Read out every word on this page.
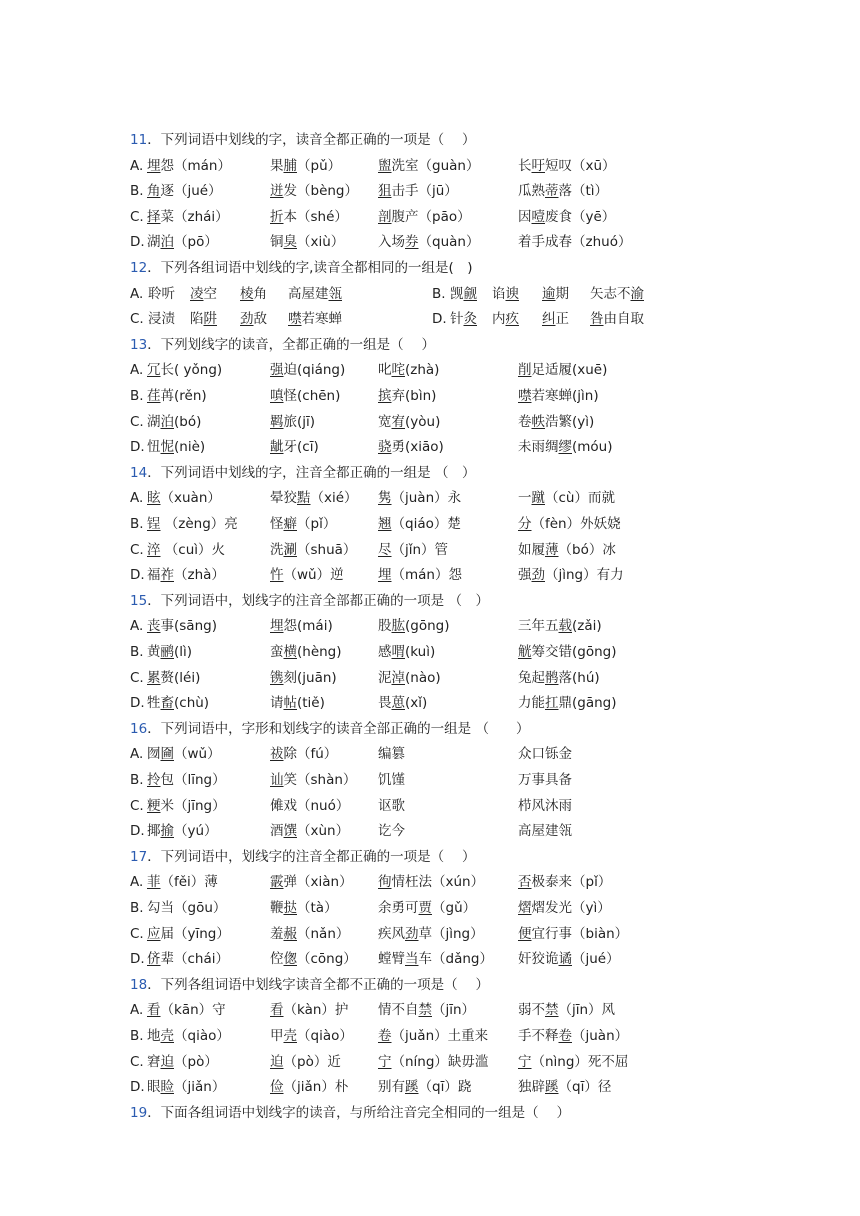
11．下列词语中划线的字，读音全都正确的一项是（　 ）
A. 埋怨（mán）	果脯（pǔ）	盥洗室（guàn）	长吁短叹（xū）
B. 角逐（jué）	迸发（bèng） 狙击手（jū）	瓜熟蒂落（tì）
C. 择菜（zhái）	折本（shé） 剖腹产（pāo）	因噎废食（yē）
D. 湖泊（pō）	铜臭（xiù） 入场券（quàn）	着手成春（zhuó）
12．下列各组词语中划线的字,读音全都相同的一组是(　)
A. 聆听 凌空 棱角 高屋建瓴	B. 觊觎 谄谀 逾期 矢志不渝
C. 浸渍 陷阱 劲敌 噤若寒蝉	D. 针灸 内疚 纠正 咎由自取
13．下列划线字的读音，全都正确的一组是（　 ）
A. 冗长( yǒng)	强迫(qiáng) 叱咤(zhà)	削足适履(xuē)
B. 荏苒(rěn)	嗔怪(chēn)	摈弃(bìn)	噤若寒蝉(jìn)
C. 湖泊(bó)	羁旅(jī)	宽宥(yòu)	卷帙浩繁(yì)
D. 忸怩(niè)	龇牙(cī)	骁勇(xiāo)	未雨绸缪(móu)
14．下列词语中划线的字，注音全都正确的一组是 （　）
A. 眩（xuàn）	晕狡黠（xié） 隽（juàn）永	一蹴（cù）而就
B. 锃 （zèng）亮 怪癖（pǐ）	翘（qiáo）楚	分（fèn）外妖娆
C. 淬 （cuì）火	洗涮（shuā） 尽（jǐn）管	如履薄（bó）冰
D. 福祚（zhà）	忤（wǔ）逆	埋（mán）怨	强劲（jìng）有力
15．下列词语中，划线字的注音全部都正确的一项是 （　）
A. 丧事(sāng)	埋怨(mái)	股肱(gōng)	三年五载(zǎi)
B. 黄鹂(lì)	蛮横(hèng)	感喟(kuì)	觥筹交错(gōng)
C. 累赘(léi)	镌刻(juān)	泥淖(nào)	兔起鹘落(hú)
D. 牲畜(chù)	请帖(tiě)	畏葸(xǐ)	力能扛鼎(gāng)
16．下列词语中，字形和划线字的读音全部正确的一组是 （　　）
A. 囫圇（wǔ）	祓除（fú）	编篡	众口铄金
B. 拎包（līng）	讪笑（shàn） 饥馑	万事具备
C. 粳米（jīng）	傩戏（nuó） 讴歌	栉风沐雨
D. 揶揄（yú）	酒馔（xùn） 讫今	高屋建瓴
17．下列词语中，划线字的注音全都正确的一项是（　 ）
A. 菲（fěi）薄	霰弹（xiàn） 徇情枉法（xún）	否极泰来（pǐ）
B. 勾当（gōu）	鞭挞（tà）	余勇可贾（gǔ）	熠熠发光（yì）
C. 应届（yīng）	羞赧（nǎn） 疾风劲草（jìng）	便宜行事（biàn）
D. 侪辈（chái）	倥偬（cōng） 螳臂当车（dǎng） 奸狡诡谲（jué）
18．下列各组词语中划线字读音全都不正确的一项是（　 ）
A. 看（kān）守	看（kàn）护 情不自禁（jīn）	弱不禁（jīn）风
B. 地壳（qiào）	甲壳（qiào） 卷（juǎn）土重来 手不释卷（juàn）
C. 窘迫（pò）	迫（pò）近	宁（níng）缺毋滥 宁（nìng）死不屈
D. 眼睑（jiǎn）	俭（jiǎn）朴 别有蹊（qī）跷	独辟蹊（qī）径
19．下面各组词语中划线字的读音，与所给注音完全相同的一组是（　 ）
